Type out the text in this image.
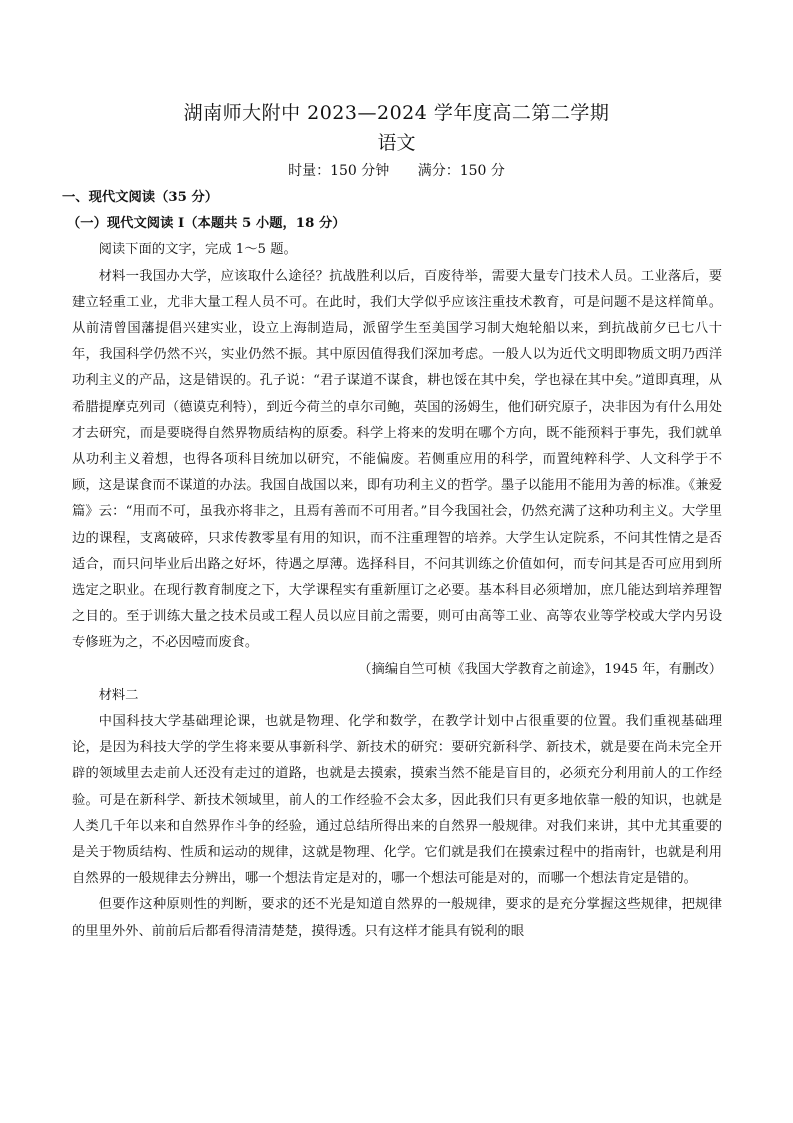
湖南师大附中 2023—2024 学年度高二第二学期
语文
时量：150 分钟 满分：150 分
一、现代文阅读（35 分）
（一）现代文阅读 I（本题共 5 小题，18 分）

阅读下面的文字，完成 1～5 题。

材料一我国办大学，应该取什么途径？抗战胜利以后，百废待举，需要大量专门技术人员。工业落后，要建立轻重工业，尤非大量工程人员不可。在此时，我们大学似乎应该注重技术教育，可是问题不是这样简单。从前清曾国藩提倡兴建实业，设立上海制造局，派留学生至美国学习制大炮轮船以来，到抗战前夕已七八十年，我国科学仍然不兴，实业仍然不振。其中原因值得我们深加考虑。一般人以为近代文明即物质文明乃西洋功利主义的产品，这是错误的。孔子说：“君子谋道不谋食，耕也馁在其中矣，学也禄在其中矣。”道即真理，从希腊提摩克列司（德谟克利特），到近今荷兰的卓尔司鲍，英国的汤姆生，他们研究原子，决非因为有什么用处才去研究，而是要晓得自然界物质结构的原委。科学上将来的发明在哪个方向，既不能预料于事先，我们就单从功利主义着想，也得各项科目统加以研究，不能偏废。若侧重应用的科学，而置纯粹科学、人文科学于不顾，这是谋食而不谋道的办法。我国自战国以来，即有功利主义的哲学。墨子以能用不能用为善的标准。《兼爱篇》云：“用而不可，虽我亦将非之，且焉有善而不可用者。”目今我国社会，仍然充满了这种功利主义。大学里边的课程，支离破碎，只求传教零星有用的知识，而不注重理智的培养。大学生认定院系，不问其性情之是否适合，而只问毕业后出路之好坏，待遇之厚薄。选择科目，不问其训练之价值如何，而专问其是否可应用到所选定之职业。在现行教育制度之下，大学课程实有重新厘订之必要。基本科目必须增加，庶几能达到培养理智之目的。至于训练大量之技术员或工程人员以应目前之需要，则可由高等工业、高等农业等学校或大学内另设专修班为之，不必因噎而废食。

（摘编自竺可桢《我国大学教育之前途》，1945 年，有删改）

材料二

中国科技大学基础理论课，也就是物理、化学和数学，在教学计划中占很重要的位置。我们重视基础理论，是因为科技大学的学生将来要从事新科学、新技术的研究：要研究新科学、新技术，就是要在尚未完全开辟的领域里去走前人还没有走过的道路，也就是去摸索，摸索当然不能是盲目的，必须充分利用前人的工作经验。可是在新科学、新技术领域里，前人的工作经验不会太多，因此我们只有更多地依靠一般的知识，也就是人类几千年以来和自然界作斗争的经验，通过总结所得出来的自然界一般规律。对我们来讲，其中尤其重要的是关于物质结构、性质和运动的规律，这就是物理、化学。它们就是我们在摸索过程中的指南针，也就是利用自然界的一般规律去分辨出，哪一个想法肯定是对的，哪一个想法可能是对的，而哪一个想法肯定是错的。

但要作这种原则性的判断，要求的还不光是知道自然界的一般规律，要求的是充分掌握这些规律，把规律的里里外外、前前后后都看得清清楚楚，摸得透。只有这样才能具有锐利的眼
